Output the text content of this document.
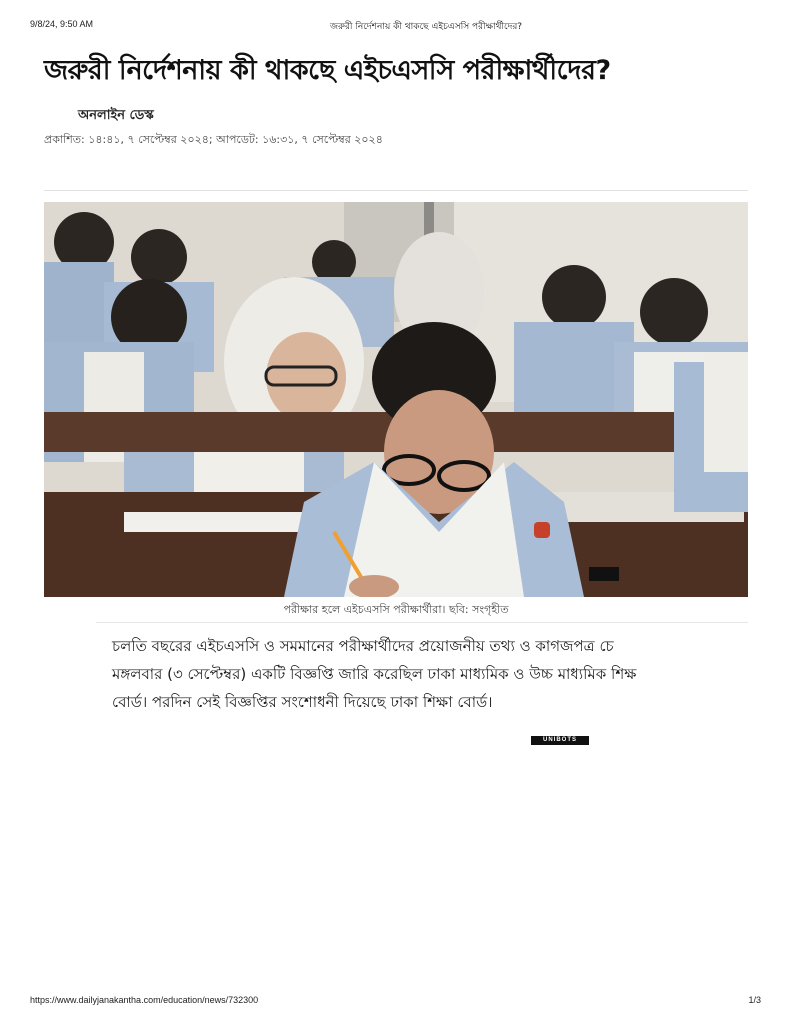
9/8/24, 9:50 AM	জরুরী নির্দেশনায় কী থাকছে এইচএসসি পরীক্ষার্থীদের?
জরুরী নির্দেশনায় কী থাকছে এইচএসসি পরীক্ষার্থীদের?
অনলাইন ডেস্ক
প্রকাশিত: ১৪:৪১, ৭ সেপ্টেম্বর ২০২৪; আপডেট: ১৬:৩১, ৭ সেপ্টেম্বর ২০২৪
পরীক্ষার হলে এইচএসসি পরীক্ষার্থীরা। ছবি: সংগৃহীত

চলতি বছরের এইচএসসি ও সমমানের পরীক্ষার্থীদের প্রয়োজনীয় তথ্য ও কাগজপত্র চে

মঙ্গলবার (৩ সেপ্টেম্বর) একটি বিজ্ঞপ্তি জারি করেছিল ঢাকা মাধ্যমিক ও উচ্চ মাধ্যমিক শিক্ষ

বোর্ড। পরদিন সেই বিজ্ঞপ্তির সংশোধনী দিয়েছে ঢাকা শিক্ষা বোর্ড।

UNIBOTS
https://www.dailyjanakantha.com/education/news/732300	1/3
